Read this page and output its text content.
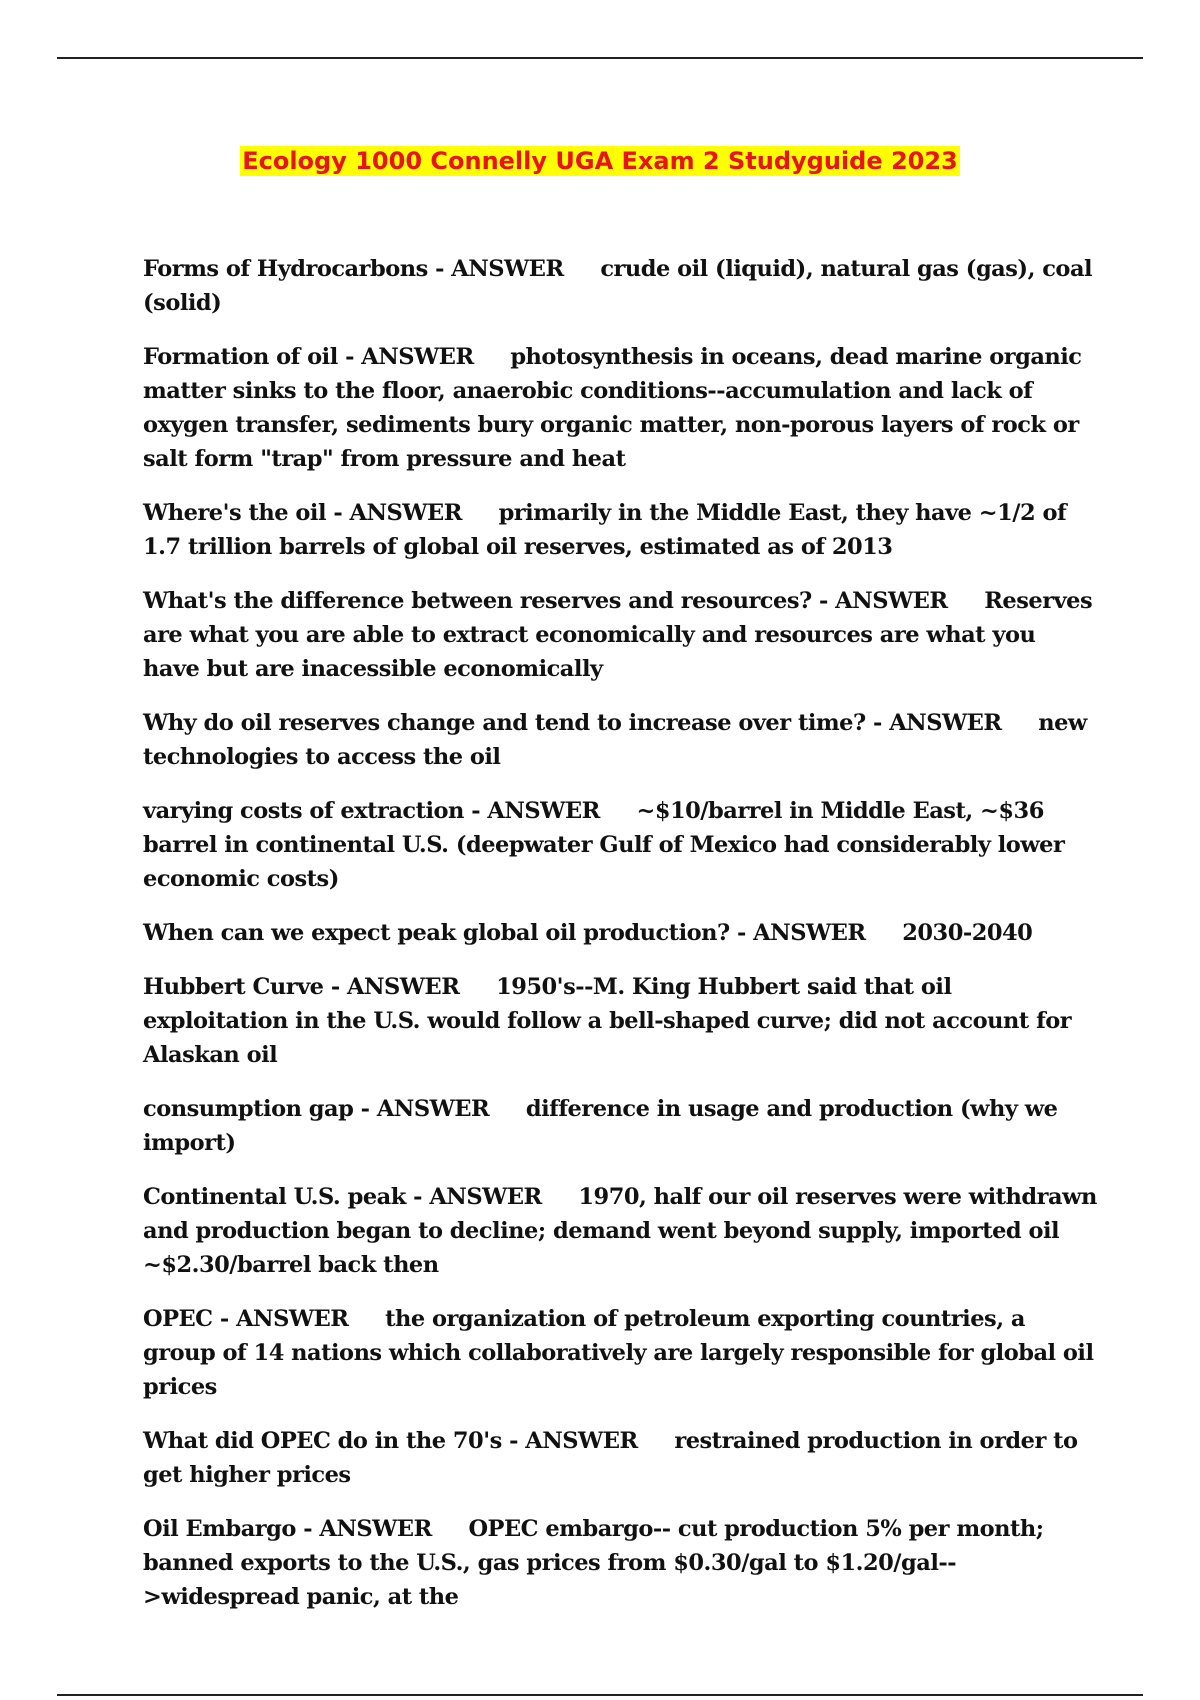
Ecology 1000 Connelly UGA Exam 2 Studyguide 2023

Forms of Hydrocarbons - ANSWER     crude oil (liquid), natural gas (gas), coal (solid)

Formation of oil - ANSWER     photosynthesis in oceans, dead marine organic matter sinks to the floor, anaerobic conditions--accumulation and lack of oxygen transfer, sediments bury organic matter, non-porous layers of rock or salt form "trap" from pressure and heat

Where's the oil - ANSWER     primarily in the Middle East, they have ~1/2 of 1.7 trillion barrels of global oil reserves, estimated as of 2013

What's the difference between reserves and resources? - ANSWER     Reserves are what you are able to extract economically and resources are what you have but are inacessible economically

Why do oil reserves change and tend to increase over time? - ANSWER     new technologies to access the oil

varying costs of extraction - ANSWER     ~$10/barrel in Middle East, ~$36 barrel in continental U.S. (deepwater Gulf of Mexico had considerably lower economic costs)

When can we expect peak global oil production? - ANSWER     2030-2040

Hubbert Curve - ANSWER     1950's--M. King Hubbert said that oil exploitation in the U.S. would follow a bell-shaped curve; did not account for Alaskan oil

consumption gap - ANSWER     difference in usage and production (why we import)

Continental U.S. peak - ANSWER     1970, half our oil reserves were withdrawn and production began to decline; demand went beyond supply, imported oil ~$2.30/barrel back then

OPEC - ANSWER     the organization of petroleum exporting countries, a group of 14 nations which collaboratively are largely responsible for global oil prices

What did OPEC do in the 70's - ANSWER     restrained production in order to get higher prices

Oil Embargo - ANSWER     OPEC embargo-- cut production 5% per month; banned exports to the U.S., gas prices from $0.30/gal to $1.20/gal-->widespread panic, at the
